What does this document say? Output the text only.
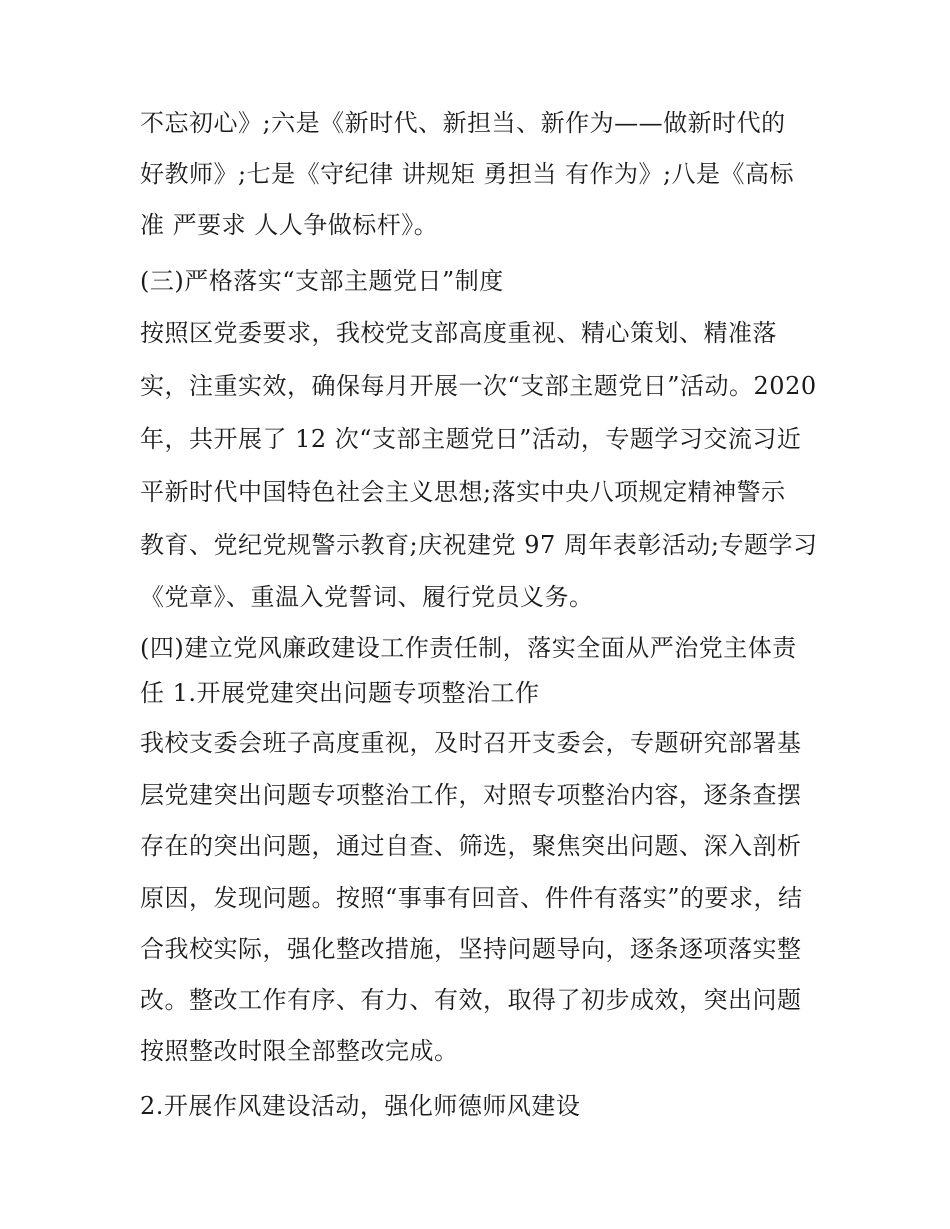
不忘初心》;六是《新时代、新担当、新作为——做新时代的

好教师》;七是《守纪律 讲规矩 勇担当 有作为》;八是《高标

准 严要求 人人争做标杆》。

(三)严格落实“支部主题党日”制度

按照区党委要求，我校党支部高度重视、精心策划、精准落

实，注重实效，确保每月开展一次“支部主题党日”活动。2020

年，共开展了 12 次“支部主题党日”活动，专题学习交流习近

平新时代中国特色社会主义思想;落实中央八项规定精神警示

教育、党纪党规警示教育;庆祝建党 97 周年表彰活动;专题学习

《党章》、重温入党誓词、履行党员义务。

(四)建立党风廉政建设工作责任制，落实全面从严治党主体责

任 1.开展党建突出问题专项整治工作

我校支委会班子高度重视，及时召开支委会，专题研究部署基

层党建突出问题专项整治工作，对照专项整治内容，逐条查摆

存在的突出问题，通过自查、筛选，聚焦突出问题、深入剖析

原因，发现问题。按照“事事有回音、件件有落实”的要求，结

合我校实际，强化整改措施，坚持问题导向，逐条逐项落实整

改。整改工作有序、有力、有效，取得了初步成效，突出问题

按照整改时限全部整改完成。

2.开展作风建设活动，强化师德师风建设
